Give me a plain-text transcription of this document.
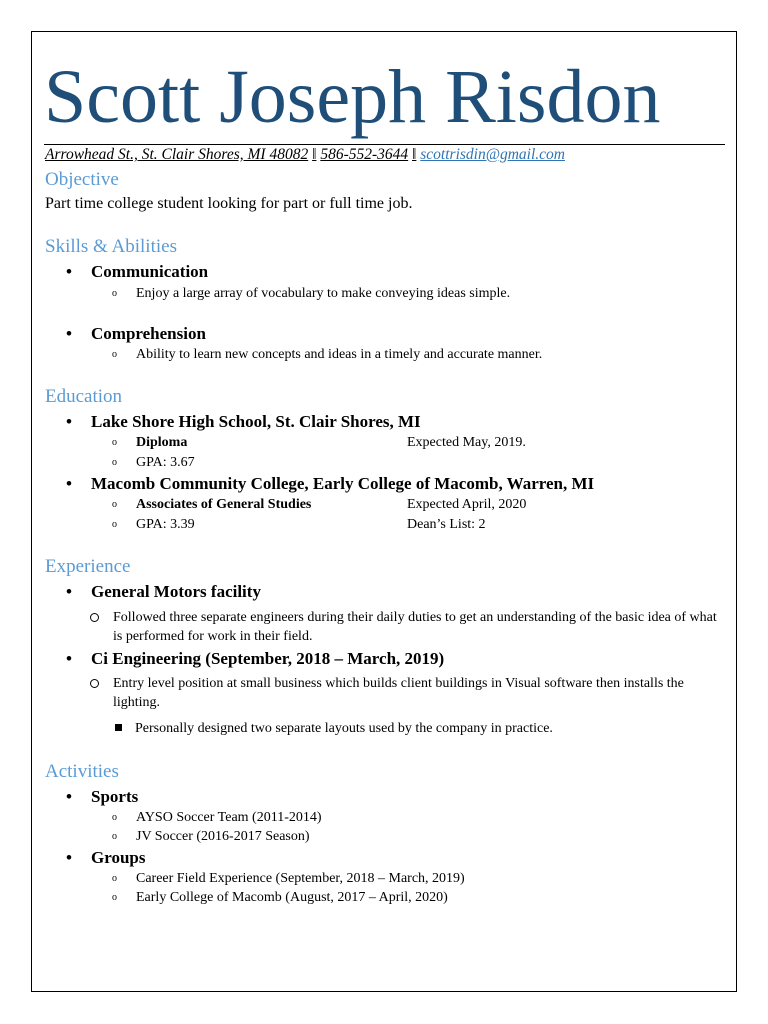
Scott Joseph Risdon
Arrowhead St., St. Clair Shores, MI 48082 ‖ 586-552-3644 ‖ scottrisdin@gmail.com
Objective
Part time college student looking for part or full time job.
Skills & Abilities
• Communication
o Enjoy a large array of vocabulary to make conveying ideas simple.
• Comprehension
o Ability to learn new concepts and ideas in a timely and accurate manner.
Education
• Lake Shore High School, St. Clair Shores, MI
o Diploma	Expected May, 2019.
o GPA: 3.67
• Macomb Community College, Early College of Macomb, Warren, MI
o Associates of General Studies	Expected April, 2020
o GPA: 3.39	Dean’s List: 2
Experience
• General Motors facility
Followed three separate engineers during their daily duties to get an understanding of the basic idea of what is performed for work in their field.
• Ci Engineering (September, 2018 – March, 2019)
Entry level position at small business which builds client buildings in Visual software then installs the lighting.
Personally designed two separate layouts used by the company in practice.
Activities
• Sports
o AYSO Soccer Team (2011-2014)
o JV Soccer (2016-2017 Season)
• Groups
o Career Field Experience (September, 2018 – March, 2019)
o Early College of Macomb (August, 2017 – April, 2020)
